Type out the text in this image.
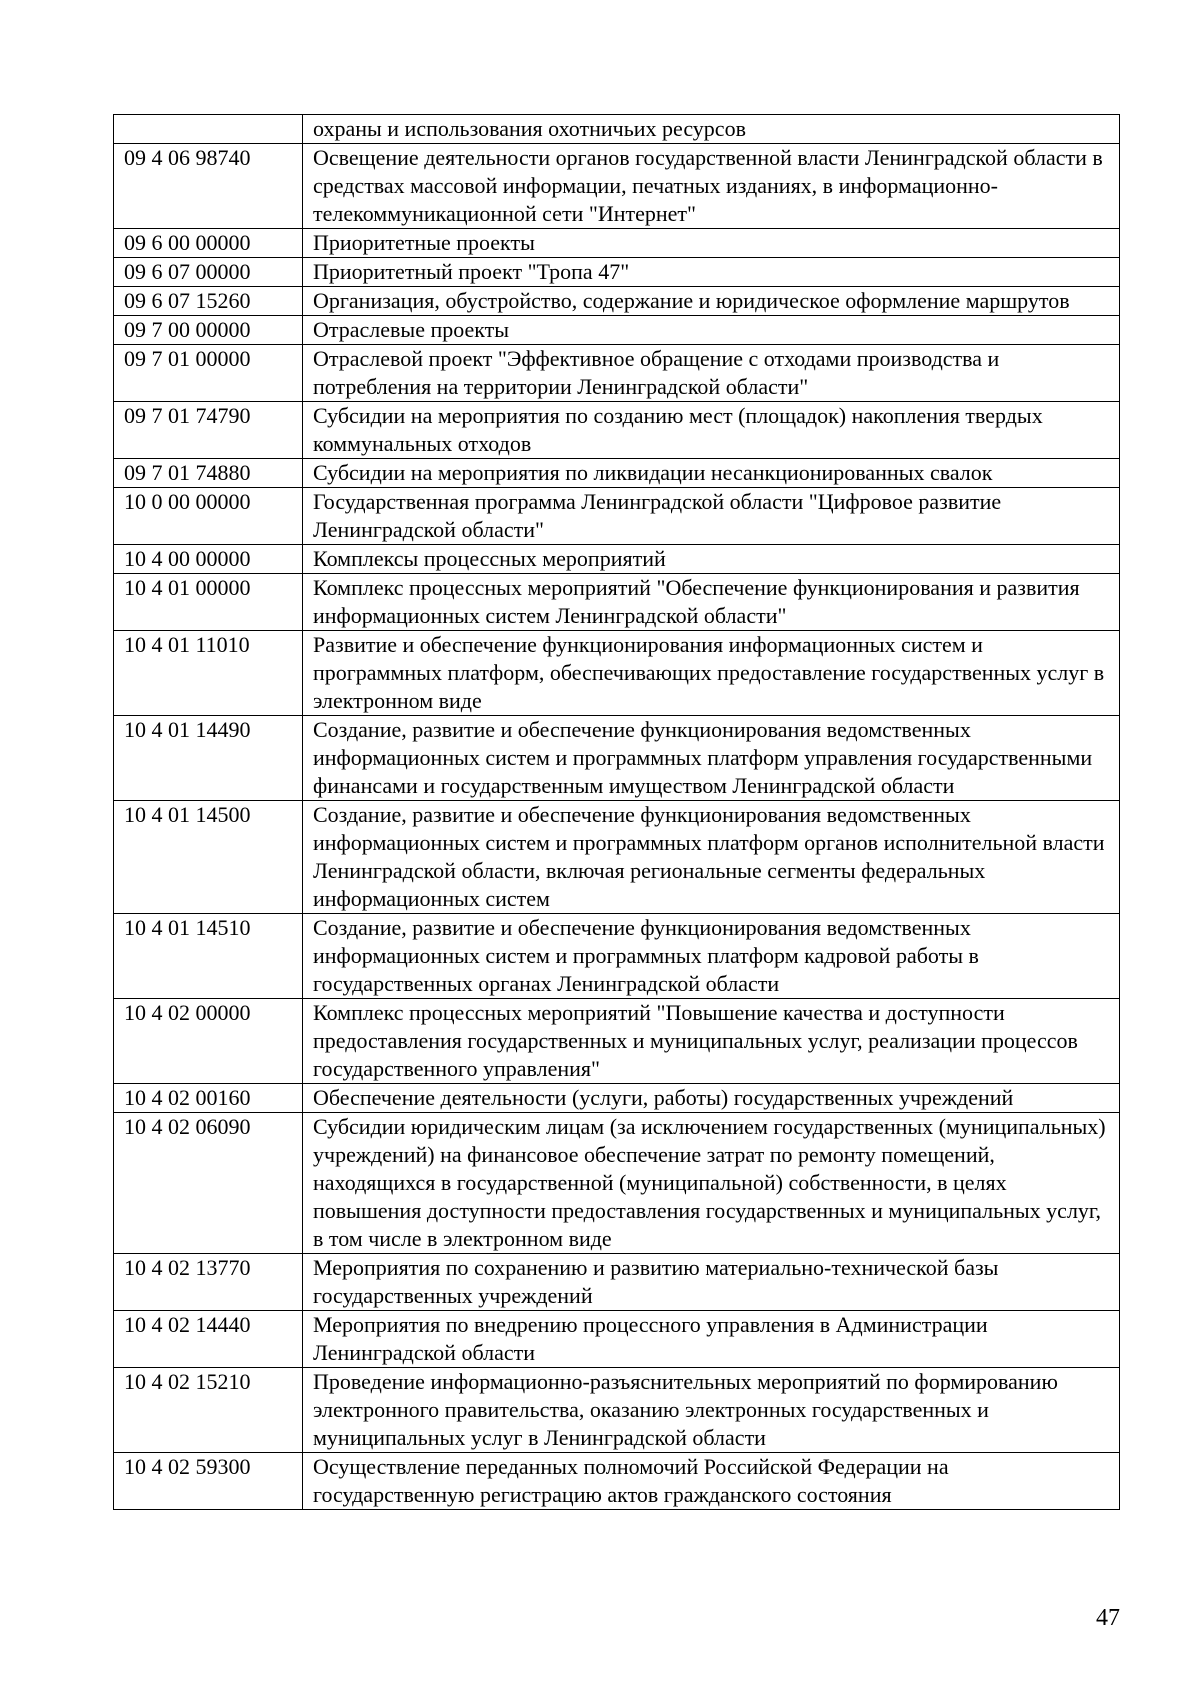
	охраны и использования охотничьих ресурсов
09 4 06 98740	Освещение деятельности органов государственной власти Ленинградской области в средствах массовой информации, печатных изданиях, в информационно-телекоммуникационной сети "Интернет"
09 6 00 00000	Приоритетные проекты
09 6 07 00000	Приоритетный проект "Тропа 47"
09 6 07 15260	Организация, обустройство, содержание и юридическое оформление маршрутов
09 7 00 00000	Отраслевые проекты
09 7 01 00000	Отраслевой проект "Эффективное обращение с отходами производства и потребления на территории Ленинградской области"
09 7 01 74790	Субсидии на мероприятия по созданию мест (площадок) накопления твердых коммунальных отходов
09 7 01 74880	Субсидии на мероприятия по ликвидации несанкционированных свалок
10 0 00 00000	Государственная программа Ленинградской области "Цифровое развитие Ленинградской области"
10 4 00 00000	Комплексы процессных мероприятий
10 4 01 00000	Комплекс процессных мероприятий "Обеспечение функционирования и развития информационных систем Ленинградской области"
10 4 01 11010	Развитие и обеспечение функционирования информационных систем и программных платформ, обеспечивающих предоставление государственных услуг в электронном виде
10 4 01 14490	Создание, развитие и обеспечение функционирования ведомственных информационных систем и программных платформ управления государственными финансами и государственным имуществом Ленинградской области
10 4 01 14500	Создание, развитие и обеспечение функционирования ведомственных информационных систем и программных платформ органов исполнительной власти Ленинградской области, включая региональные сегменты федеральных информационных систем
10 4 01 14510	Создание, развитие и обеспечение функционирования ведомственных информационных систем и программных платформ кадровой работы в государственных органах Ленинградской области
10 4 02 00000	Комплекс процессных мероприятий "Повышение качества и доступности предоставления государственных и муниципальных услуг, реализации процессов государственного управления"
10 4 02 00160	Обеспечение деятельности (услуги, работы) государственных учреждений
10 4 02 06090	Субсидии юридическим лицам (за исключением государственных (муниципальных) учреждений) на финансовое обеспечение затрат по ремонту помещений, находящихся в государственной (муниципальной) собственности, в целях повышения доступности предоставления государственных и муниципальных услуг, в том числе в электронном виде
10 4 02 13770	Мероприятия по сохранению и развитию материально-технической базы государственных учреждений
10 4 02 14440	Мероприятия по внедрению процессного управления в Администрации Ленинградской области
10 4 02 15210	Проведение информационно-разъяснительных мероприятий по формированию электронного правительства, оказанию электронных государственных и муниципальных услуг в Ленинградской области
10 4 02 59300	Осуществление переданных полномочий Российской Федерации на государственную регистрацию актов гражданского состояния
47
